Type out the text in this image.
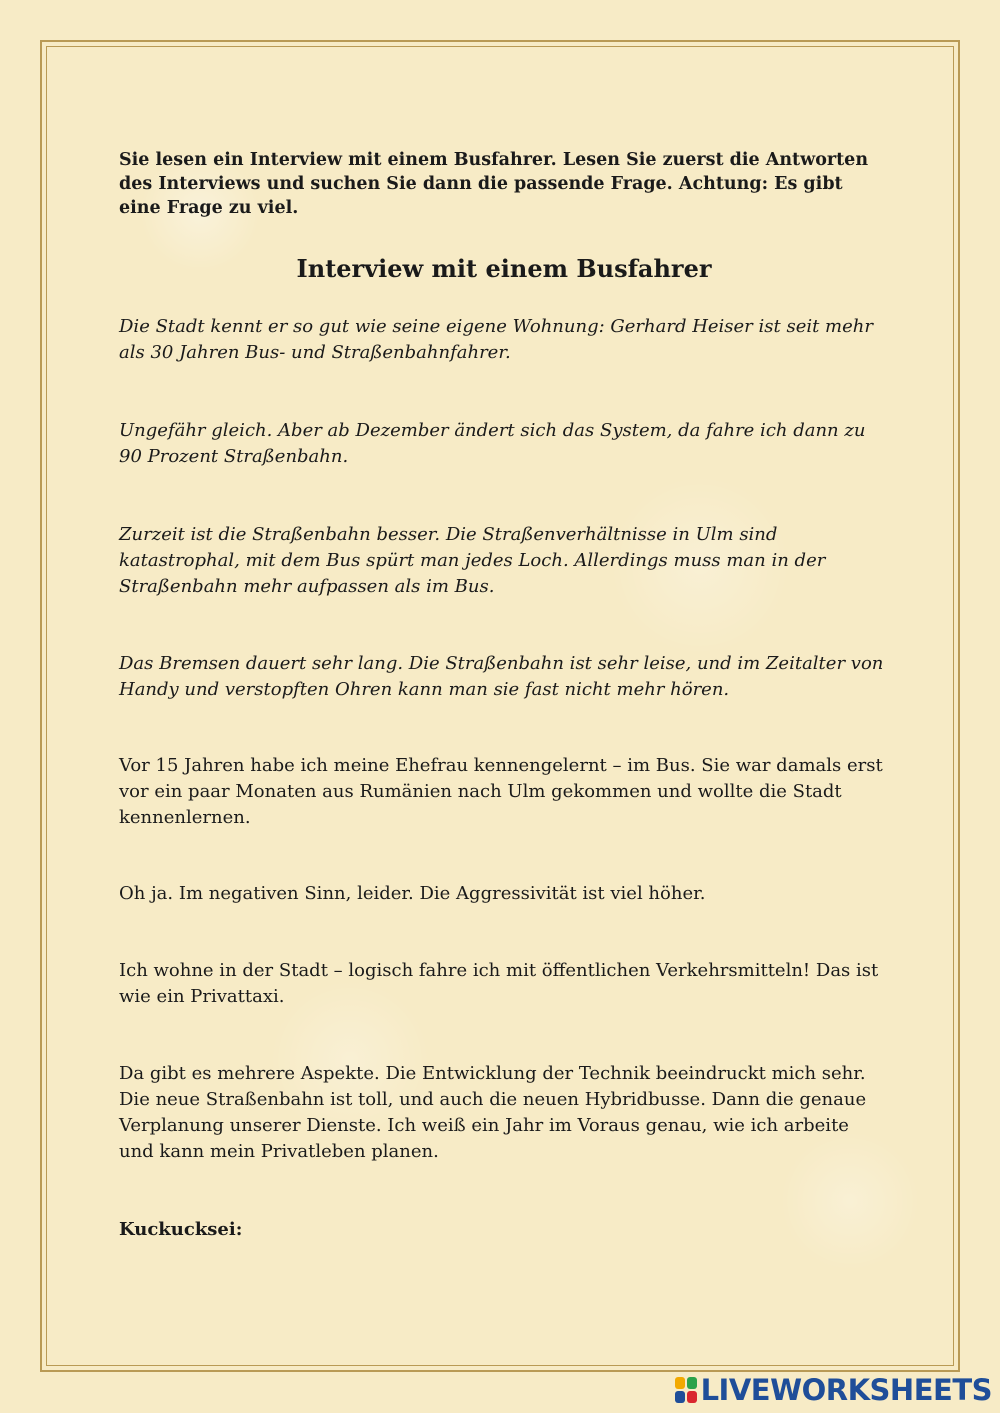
Sie lesen ein Interview mit einem Busfahrer. Lesen Sie zuerst die Antworten des Interviews und suchen Sie dann die passende Frage. Achtung: Es gibt eine Frage zu viel.

Interview mit einem Busfahrer

Die Stadt kennt er so gut wie seine eigene Wohnung: Gerhard Heiser ist seit mehr als 30 Jahren Bus- und Straßenbahnfahrer.

Ungefähr gleich. Aber ab Dezember ändert sich das System, da fahre ich dann zu 90 Prozent Straßenbahn.

Zurzeit ist die Straßenbahn besser. Die Straßenverhältnisse in Ulm sind katastrophal, mit dem Bus spürt man jedes Loch. Allerdings muss man in der Straßenbahn mehr aufpassen als im Bus.

Das Bremsen dauert sehr lang. Die Straßenbahn ist sehr leise, und im Zeitalter von Handy und verstopften Ohren kann man sie fast nicht mehr hören.

Vor 15 Jahren habe ich meine Ehefrau kennengelernt – im Bus. Sie war damals erst vor ein paar Monaten aus Rumänien nach Ulm gekommen und wollte die Stadt kennenlernen.

Oh ja. Im negativen Sinn, leider. Die Aggressivität ist viel höher.

Ich wohne in der Stadt – logisch fahre ich mit öffentlichen Verkehrsmitteln! Das ist wie ein Privattaxi.

Da gibt es mehrere Aspekte. Die Entwicklung der Technik beeindruckt mich sehr. Die neue Straßenbahn ist toll, und auch die neuen Hybridbusse. Dann die genaue Verplanung unserer Dienste. Ich weiß ein Jahr im Voraus genau, wie ich arbeite und kann mein Privatleben planen.

Kuckucksei:

LIVEWORKSHEETS
